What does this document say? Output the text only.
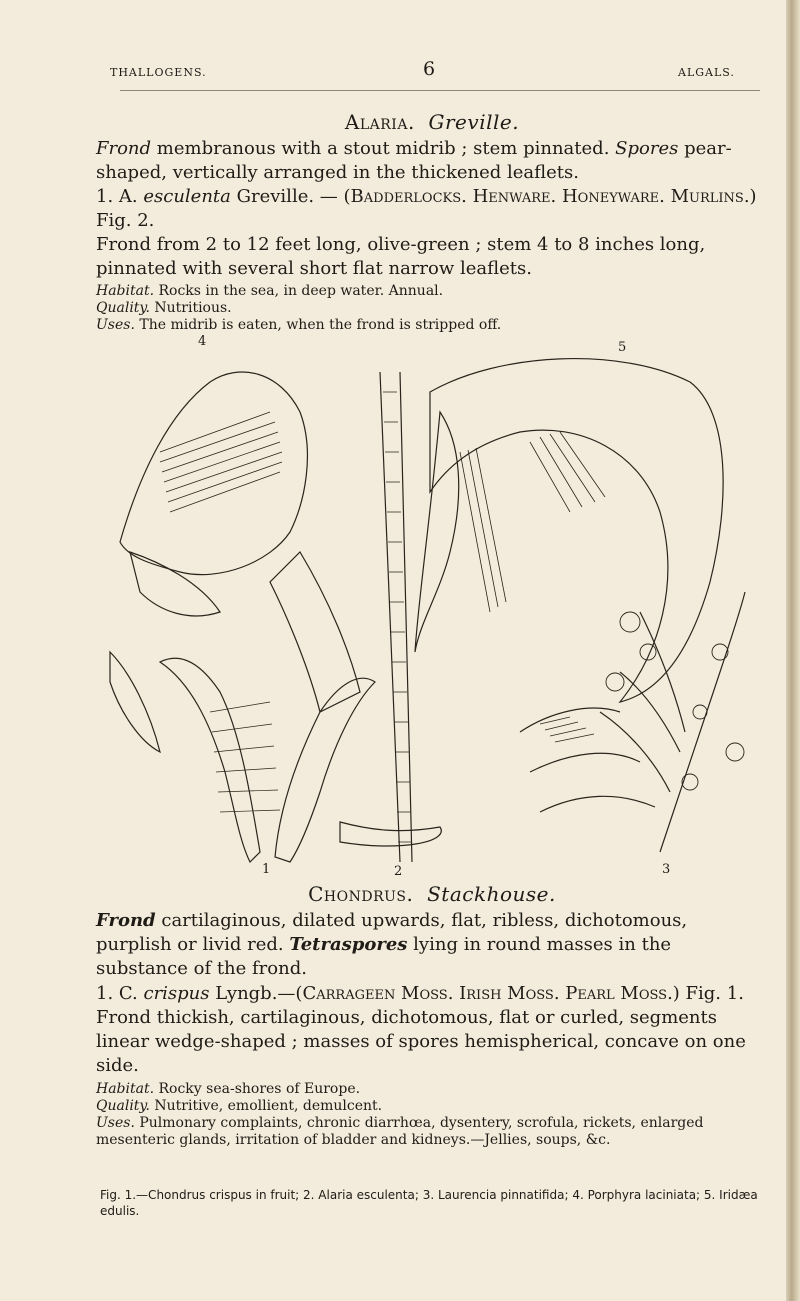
THALLOGENS.	6	ALGALS.
Alaria. Greville.
Frond membranous with a stout midrib ; stem pinnated. Spores pear-shaped, vertically arranged in the thickened leaflets.
1. A. esculenta Greville. — (Badderlocks. Henware. Honeyware. Murlins.) Fig. 2.
Frond from 2 to 12 feet long, olive-green ; stem 4 to 8 inches long, pinnated with several short flat narrow leaflets.
Habitat. Rocks in the sea, in deep water. Annual.
Quality. Nutritious.
Uses. The midrib is eaten, when the frond is stripped off.
4	5
1	2	3
Chondrus. Stackhouse.
Frond cartilaginous, dilated upwards, flat, ribless, dichotomous, purplish or livid red. Tetraspores lying in round masses in the substance of the frond.
1. C. crispus Lyngb.—(Carrageen Moss. Irish Moss. Pearl Moss.) Fig. 1.
Frond thickish, cartilaginous, dichotomous, flat or curled, segments linear wedge-shaped ; masses of spores hemispherical, concave on one side.
Habitat. Rocky sea-shores of Europe.
Quality. Nutritive, emollient, demulcent.
Uses. Pulmonary complaints, chronic diarrhœa, dysentery, scrofula, rickets, enlarged mesenteric glands, irritation of bladder and kidneys.—Jellies, soups, &c.
Fig. 1.—Chondrus crispus in fruit; 2. Alaria esculenta; 3. Laurencia pinnatifida; 4. Porphyra laciniata; 5. Iridæa edulis.
